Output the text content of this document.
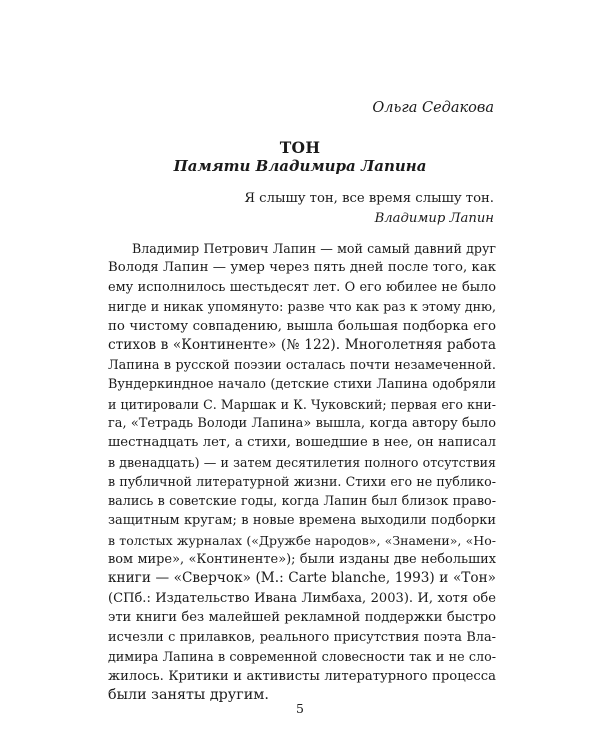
Ольга Седакова
ТОН
Памяти Владимира Лапина
Я слышу тон, все время слышу тон.
Владимир Лапин
Владимир Петрович Лапин — мой самый давний друг
Володя Лапин — умер через пять дней после того, как
ему исполнилось шестьдесят лет. О его юбилее не было
нигде и никак упомянуто: разве что как раз к этому дню,
по чистому совпадению, вышла большая подборка его
стихов в «Континенте» (№ 122). Многолетняя работа
Лапина в русской поэзии осталась почти незамеченной.
Вундеркиндное начало (детские стихи Лапина одобряли
и цитировали С. Маршак и К. Чуковский; первая его кни-
га, «Тетрадь Володи Лапина» вышла, когда автору было
шестнадцать лет, а стихи, вошедшие в нее, он написал
в двенадцать) — и затем десятилетия полного отсутствия
в публичной литературной жизни. Стихи его не публико-
вались в советские годы, когда Лапин был близок право-
защитным кругам; в новые времена выходили подборки
в толстых журналах («Дружбе народов», «Знамени», «Но-
вом мире», «Континенте»); были изданы две небольших
книги — «Сверчок» (М.: Carte blanche, 1993) и «Тон»
(СПб.: Издательство Ивана Лимбаха, 2003). И, хотя обе
эти книги без малейшей рекламной поддержки быстро
исчезли с прилавков, реального присутствия поэта Вла-
димира Лапина в современной словесности так и не сло-
жилось. Критики и активисты литературного процесса
были заняты другим.
5
